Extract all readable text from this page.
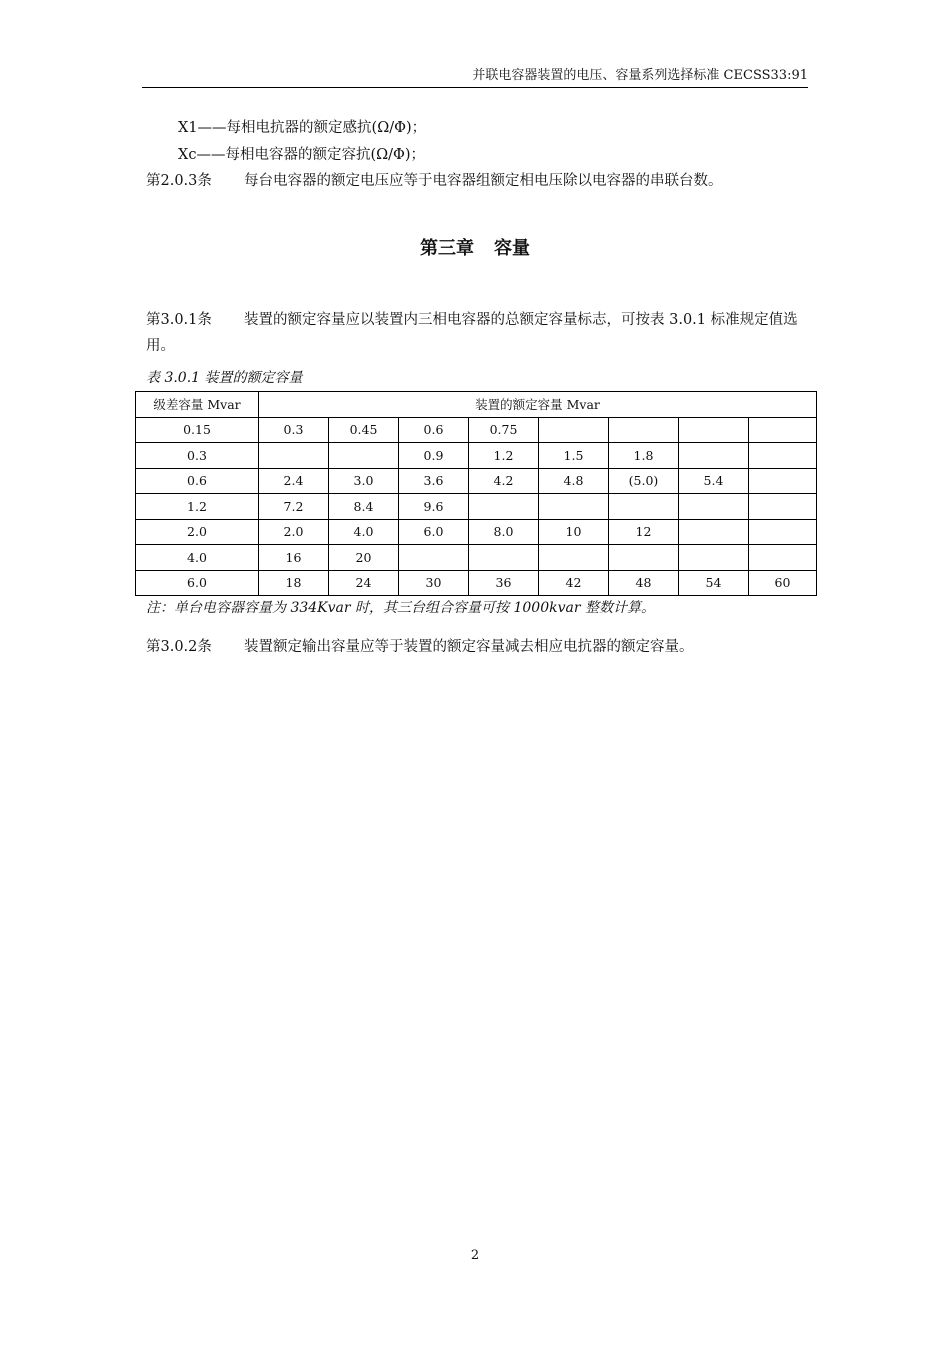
并联电容器装置的电压、容量系列选择标准 CECSS33:91
X1——每相电抗器的额定感抗(Ω/Φ)；
Xc——每相电容器的额定容抗(Ω/Φ)；
第2.0.3条 每台电容器的额定电压应等于电容器组额定相电压除以电容器的串联台数。
第三章 容量
第3.0.1条 装置的额定容量应以装置内三相电容器的总额定容量标志，可按表 3.0.1 标准规定值选用。
表 3.0.1 装置的额定容量
级差容量 Mvar	装置的额定容量 Mvar							
0.15	0.3	0.45	0.6	0.75				
0.3			0.9	1.2	1.5	1.8		
0.6	2.4	3.0	3.6	4.2	4.8	(5.0)	5.4	
1.2	7.2	8.4	9.6					
2.0	2.0	4.0	6.0	8.0	10	12		
4.0	16	20						
6.0	18	24	30	36	42	48	54	60
注：单台电容器容量为 334Kvar 时，其三台组合容量可按 1000kvar 整数计算。
第3.0.2条 装置额定输出容量应等于装置的额定容量减去相应电抗器的额定容量。
2
